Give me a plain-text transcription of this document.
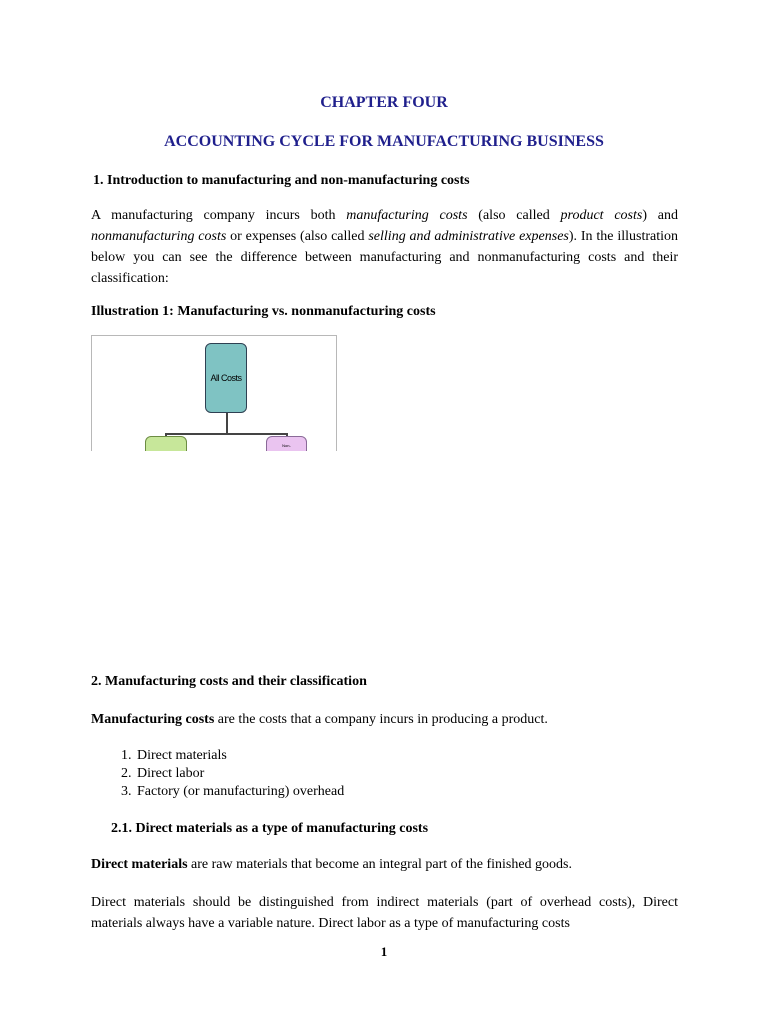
CHAPTER FOUR
ACCOUNTING CYCLE FOR MANUFACTURING BUSINESS
1. Introduction to manufacturing and non-manufacturing costs

A manufacturing company incurs both manufacturing costs (also called product costs) and nonmanufacturing costs or expenses (also called selling and administrative expenses). In the illustration below you can see the difference between manufacturing and nonmanufacturing costs and their classification:

Illustration 1: Manufacturing vs. nonmanufacturing costs
All Costs
Non-
2. Manufacturing costs and their classification

Manufacturing costs are the costs that a company incurs in producing a product.

1. Direct materials
2. Direct labor
3. Factory (or manufacturing) overhead
2.1. Direct materials as a type of manufacturing costs

Direct materials are raw materials that become an integral part of the finished goods.

Direct materials should be distinguished from indirect materials (part of overhead costs), Direct materials always have a variable nature. Direct labor as a type of manufacturing costs

1
